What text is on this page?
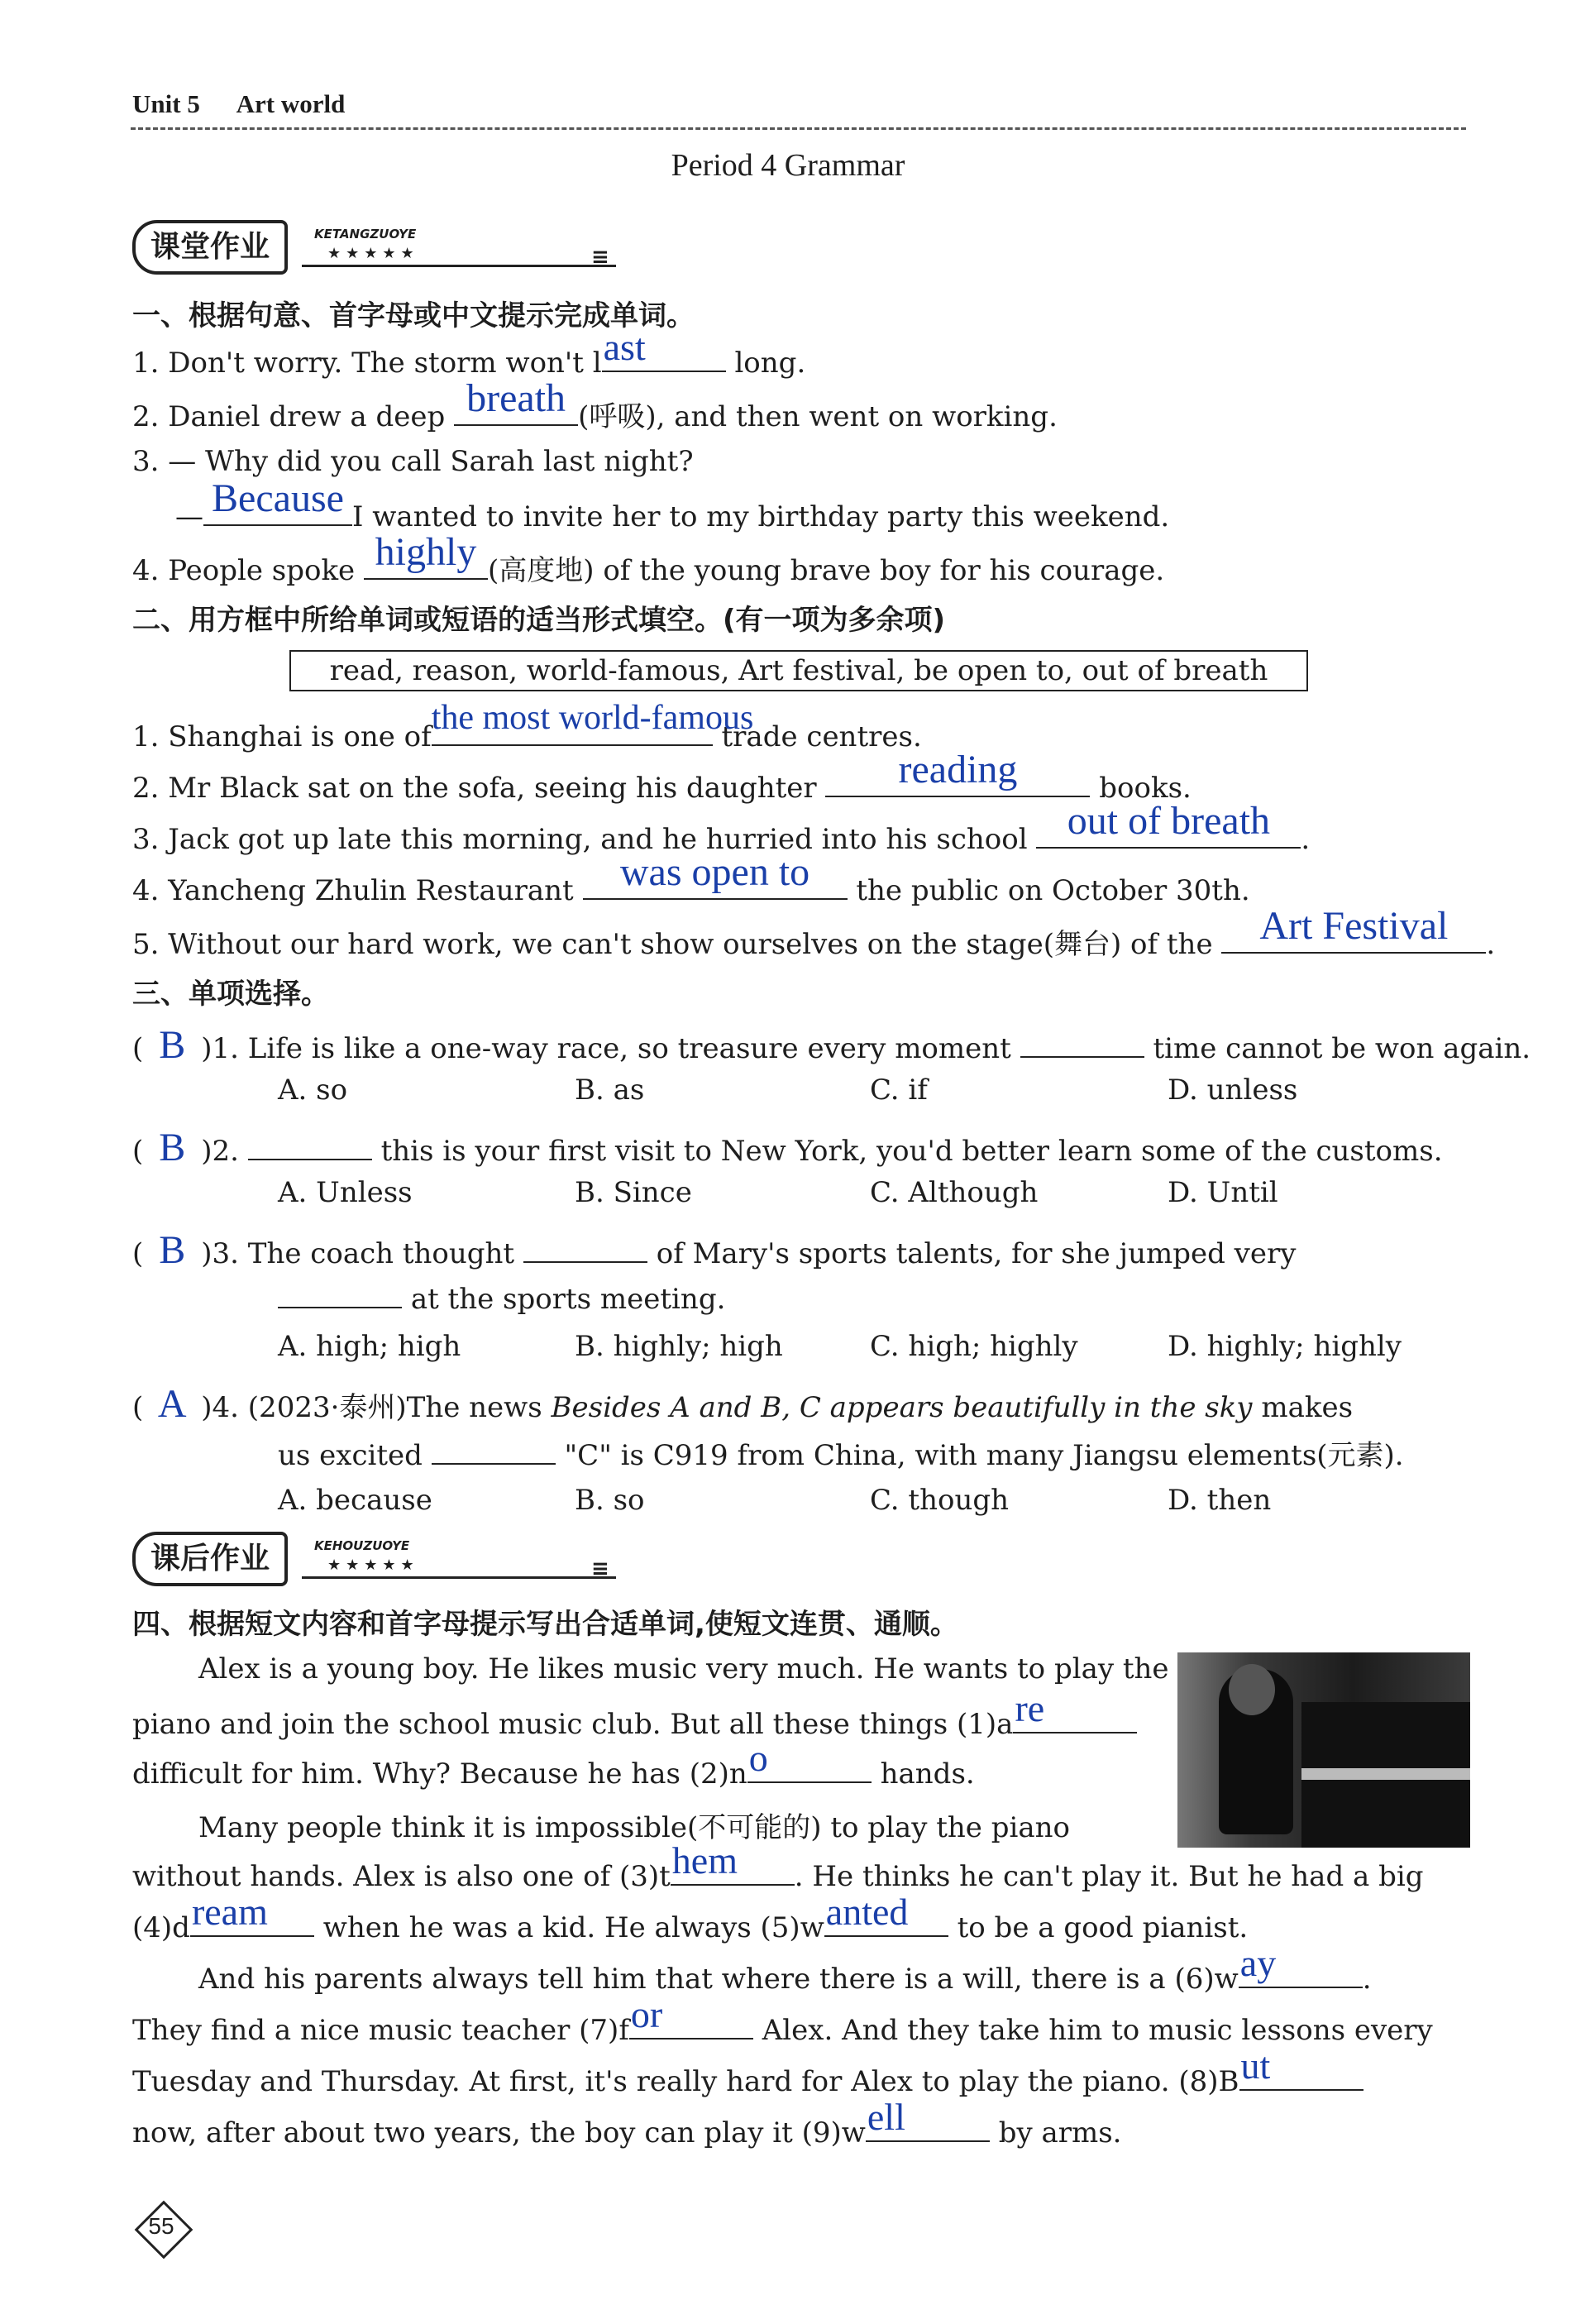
Unit 5 Art world
Period 4 Grammar
课堂作业	KETANGZUOYE
★★★★★	≡
一、根据句意、首字母或中文提示完成单词。
1. Don't worry. The storm won't l ast	long.
2. Daniel drew a deep breath (呼吸), and then went on working.
3. — Why did you call Sarah last night?
— Because I wanted to invite her to my birthday party this weekend.
4. People spoke highly (高度地) of the young brave boy for his courage.
二、用方框中所给单词或短语的适当形式填空。(有一项为多余项)
read, reason, world-famous, Art festival, be open to, out of breath
1. Shanghai is one of the most world-famous
trade centres.
2. Mr Black sat on the sofa, seeing his daughter	reading	books.
3. Jack got up late this morning, and he hurried into his school	out of breath	.
4. Yancheng Zhulin Restaurant	was open to	the public on October 30th.
5. Without our hard work, we can't show ourselves on the stage(舞台) of the	Art Festival	.
三、单项选择。
( B )1. Life is like a one-way race, so treasure every moment	time cannot be won again.
A. so	B. as	C. if	D. unless
( B )2.	this is your first visit to New York, you'd better learn some of the customs.
A. Unless	B. Since	C. Although	D. Until
( B )3. The coach thought	of Mary's sports talents, for she jumped very
at the sports meeting.
A. high; high	B. highly; high	C. high; highly	D. highly; highly
( A )4. (2023·泰州)The news Besides A and B, C appears beautifully in the sky makes
us excited	"C" is C919 from China, with many Jiangsu elements(元素).
A. because	B. so	C. though	D. then
课后作业	KEHOUZUOYE
★★★★★	≡
四、根据短文内容和首字母提示写出合适单词,使短文连贯、通顺。
Alex is a young boy. He likes music very much. He wants to play the
piano and join the school music club. But all these things (1)a re
difficult for him. Why? Because he has (2)n o	hands.
Many people think it is impossible(不可能的) to play the piano
without hands. Alex is also one of (3)t hem . He thinks he can't play it. But he had a big
(4)d ream when he was a kid. He always (5)w anted to be a good pianist.
And his parents always tell him that where there is a will, there is a (6)w ay	.
They find a nice music teacher (7)f or	Alex. And they take him to music lessons every
Tuesday and Thursday. At first, it's really hard for Alex to play the piano. (8)B ut
now, after about two years, the boy can play it (9)w ell	by arms.
55
